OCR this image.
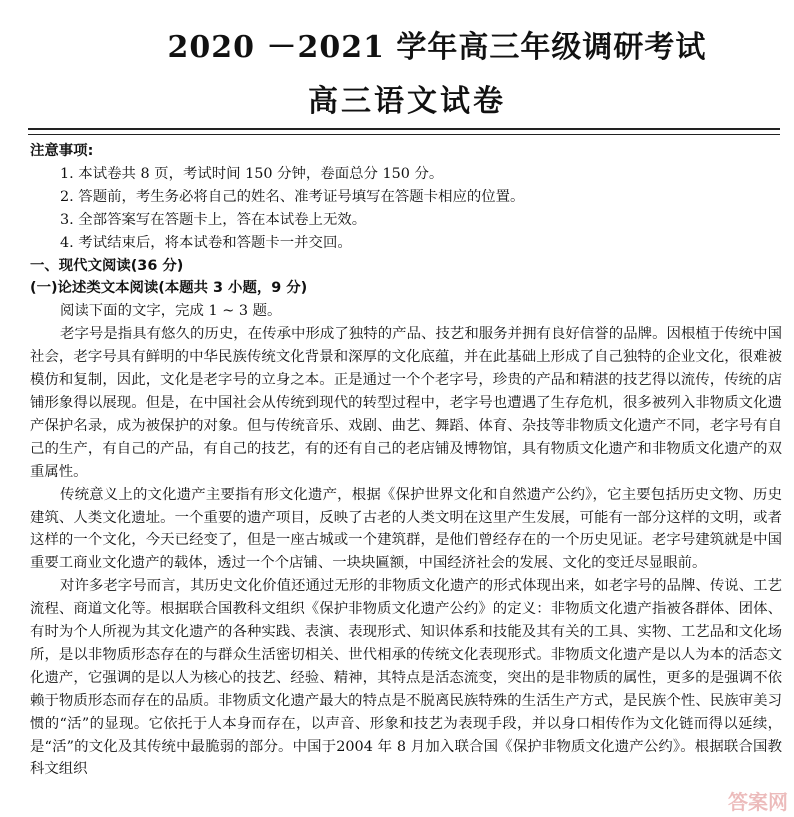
2020 －2021 学年高三年级调研考试
高三语文试卷

注意事项:

1. 本试卷共 8 页，考试时间 150 分钟，卷面总分 150 分。

2. 答题前，考生务必将自己的姓名、准考证号填写在答题卡相应的位置。

3. 全部答案写在答题卡上，答在本试卷上无效。

4. 考试结束后，将本试卷和答题卡一并交回。

一、现代文阅读(36 分)

(一)论述类文本阅读(本题共 3 小题，9 分)

阅读下面的文字，完成 1 ~ 3 题。

老字号是指具有悠久的历史，在传承中形成了独特的产品、技艺和服务并拥有良好信誉的品牌。因根植于传统中国社会，老字号具有鲜明的中华民族传统文化背景和深厚的文化底蕴，并在此基础上形成了自己独特的企业文化，很难被模仿和复制，因此，文化是老字号的立身之本。正是通过一个个老字号，珍贵的产品和精湛的技艺得以流传，传统的店铺形象得以展现。但是，在中国社会从传统到现代的转型过程中，老字号也遭遇了生存危机，很多被列入非物质文化遗产保护名录，成为被保护的对象。但与传统音乐、戏剧、曲艺、舞蹈、体育、杂技等非物质文化遗产不同，老字号有自己的生产，有自己的产品，有自己的技艺，有的还有自己的老店铺及博物馆，具有物质文化遗产和非物质文化遗产的双重属性。

传统意义上的文化遗产主要指有形文化遗产，根据《保护世界文化和自然遗产公约》，它主要包括历史文物、历史建筑、人类文化遗址。一个重要的遗产项目，反映了古老的人类文明在这里产生发展，可能有一部分这样的文明，或者这样的一个文化，今天已经变了，但是一座古城或一个建筑群，是他们曾经存在的一个历史见证。老字号建筑就是中国重要工商业文化遗产的载体，透过一个个店铺、一块块匾额，中国经济社会的发展、文化的变迁尽显眼前。

对许多老字号而言，其历史文化价值还通过无形的非物质文化遗产的形式体现出来，如老字号的品牌、传说、工艺流程、商道文化等。根据联合国教科文组织《保护非物质文化遗产公约》的定义：非物质文化遗产指被各群体、团体、有时为个人所视为其文化遗产的各种实践、表演、表现形式、知识体系和技能及其有关的工具、实物、工艺品和文化场所，是以非物质形态存在的与群众生活密切相关、世代相承的传统文化表现形式。非物质文化遗产是以人为本的活态文化遗产，它强调的是以人为核心的技艺、经验、精神，其特点是活态流变，突出的是非物质的属性，更多的是强调不依赖于物质形态而存在的品质。非物质文化遗产最大的特点是不脱离民族特殊的生活生产方式，是民族个性、民族审美习惯的“活”的显现。它依托于人本身而存在，以声音、形象和技艺为表现手段，并以身口相传作为文化链而得以延续，是“活”的文化及其传统中最脆弱的部分。中国于2004 年 8 月加入联合国《保护非物质文化遗产公约》。根据联合国教科文组织

答案网
